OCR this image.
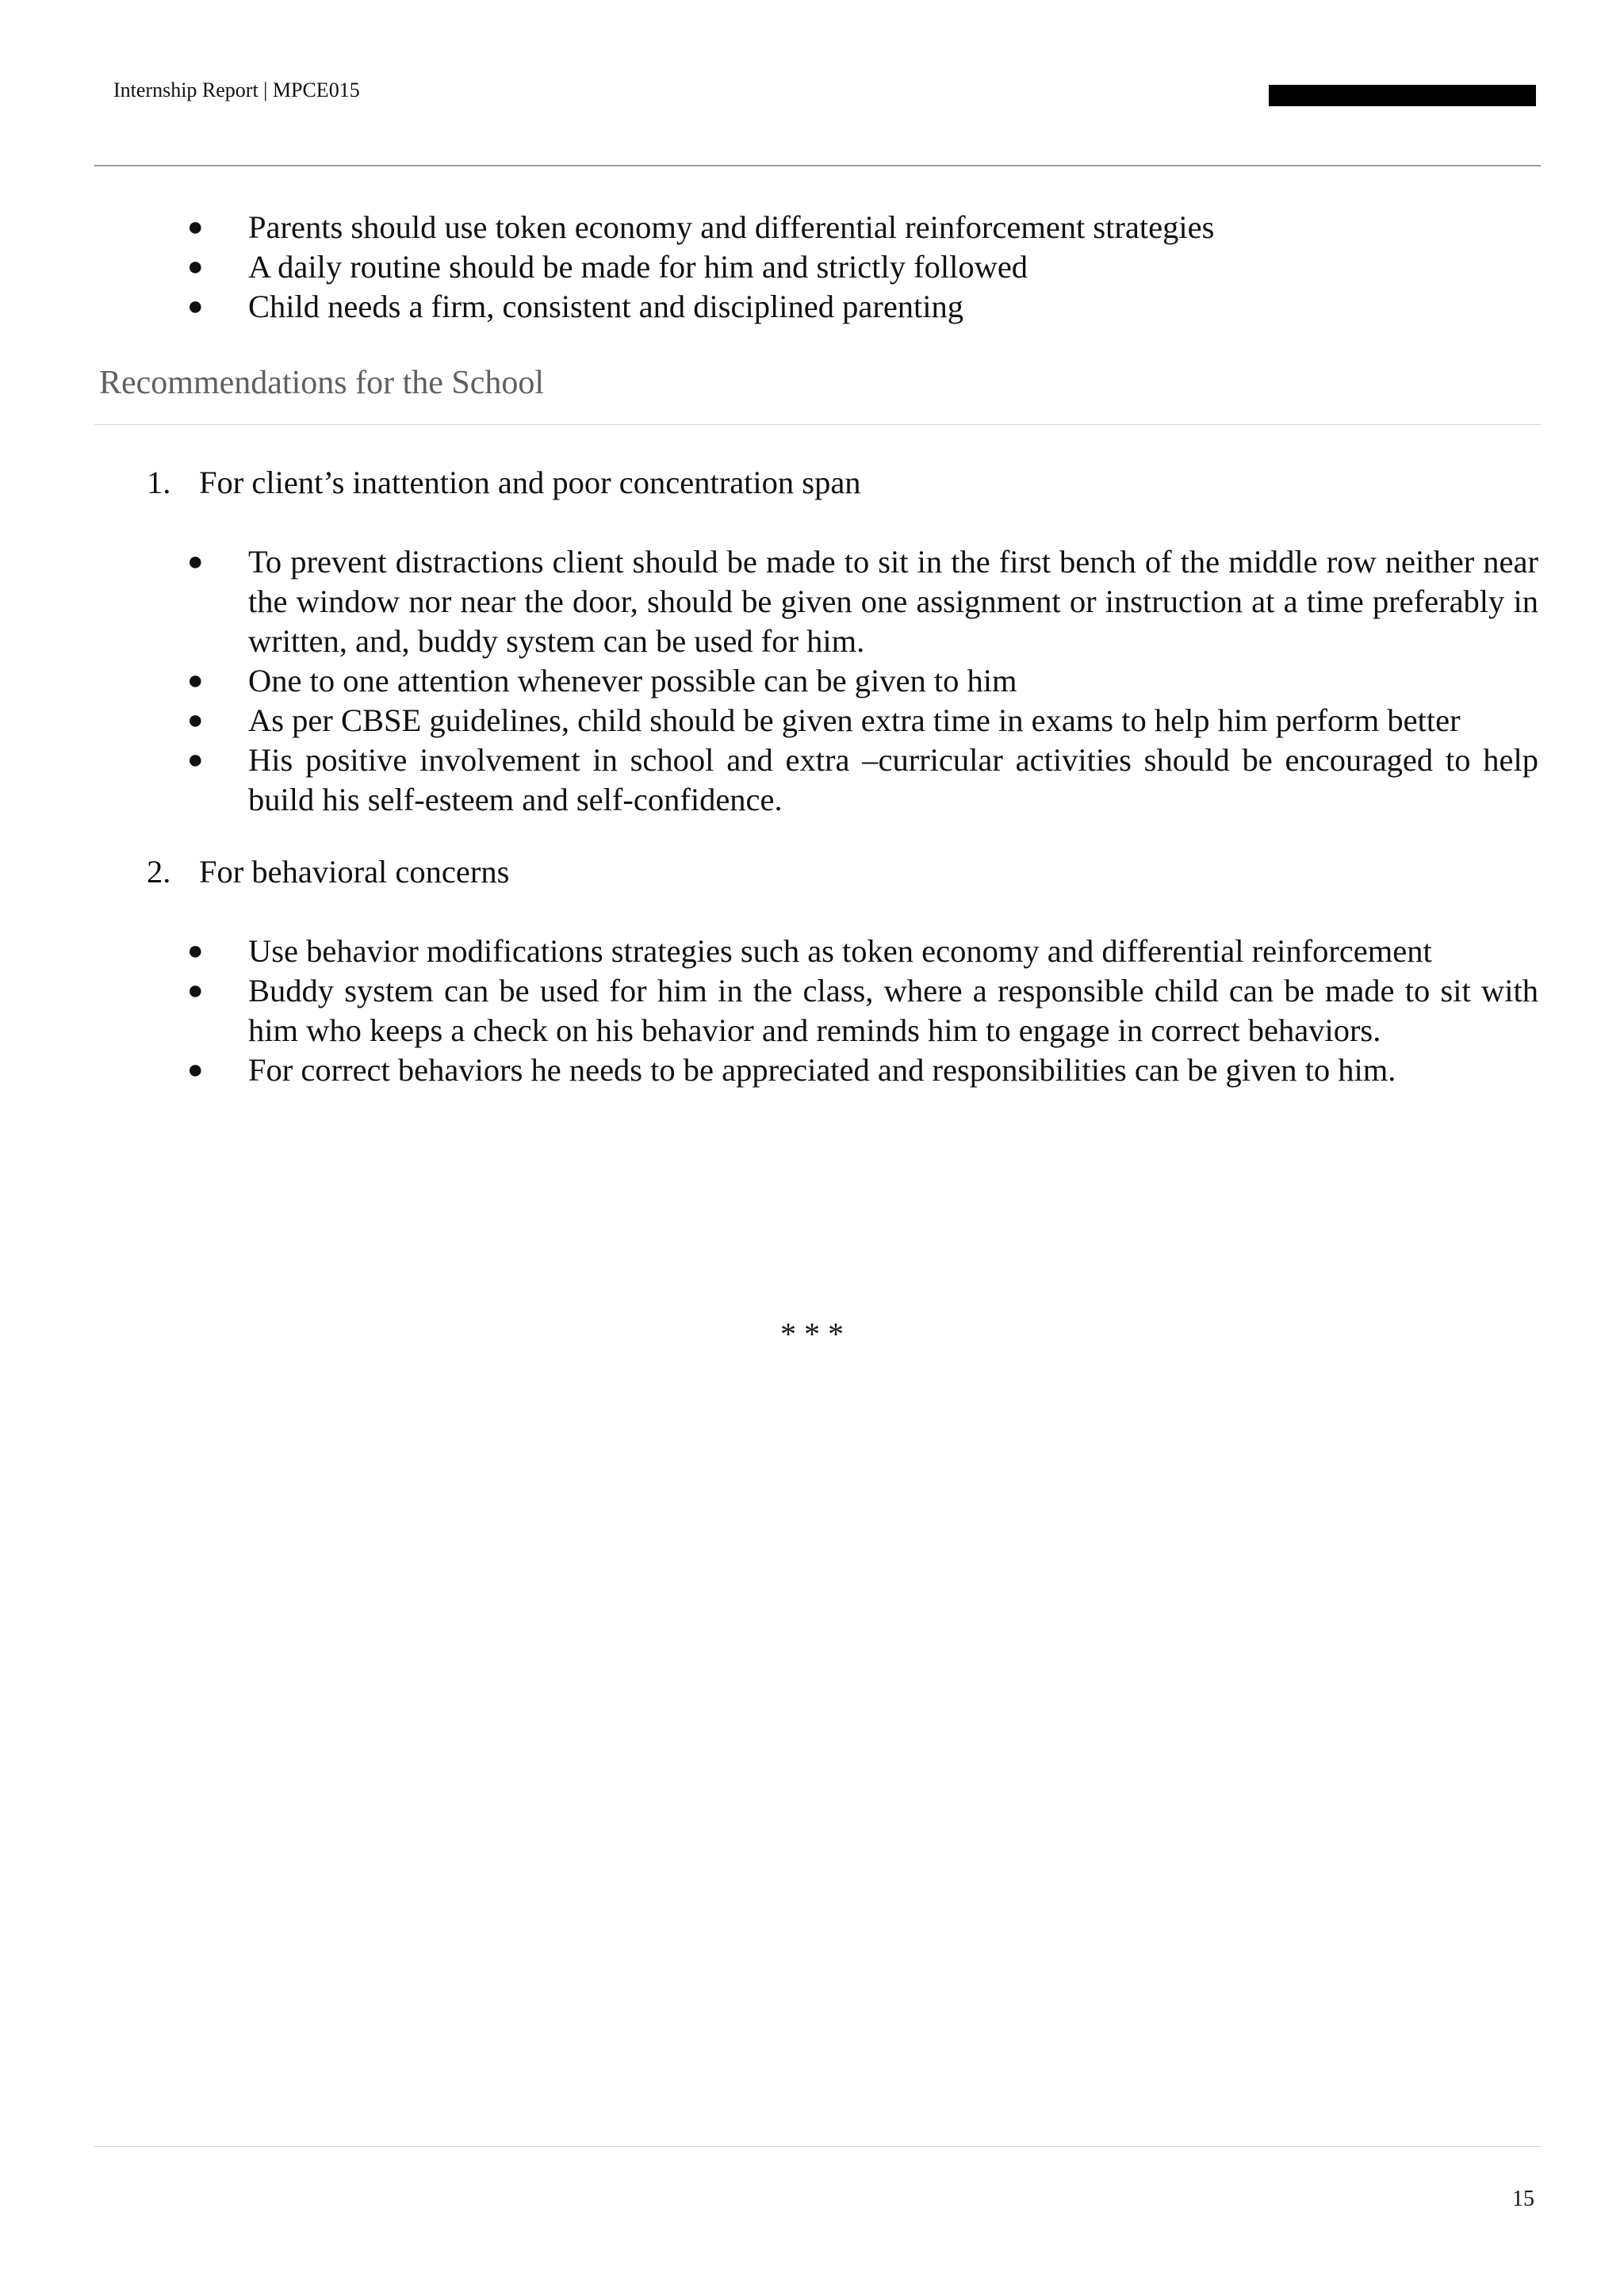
Internship Report | MPCE015
● Parents should use token economy and differential reinforcement strategies
● A daily routine should be made for him and strictly followed
● Child needs a firm, consistent and disciplined parenting
Recommendations for the School
1. For client’s inattention and poor concentration span
● To prevent distractions client should be made to sit in the first bench of the middle row neither near the window nor near the door, should be given one assignment or instruction at a time preferably in written, and, buddy system can be used for him.
● One to one attention whenever possible can be given to him
● As per CBSE guidelines, child should be given extra time in exams to help him perform better
● His positive involvement in school and extra –curricular activities should be encouraged to help build his self-esteem and self-confidence.
2. For behavioral concerns
● Use behavior modifications strategies such as token economy and differential reinforcement
● Buddy system can be used for him in the class, where a responsible child can be made to sit with him who keeps a check on his behavior and reminds him to engage in correct behaviors.
● For correct behaviors he needs to be appreciated and responsibilities can be given to him.
* * *
15
